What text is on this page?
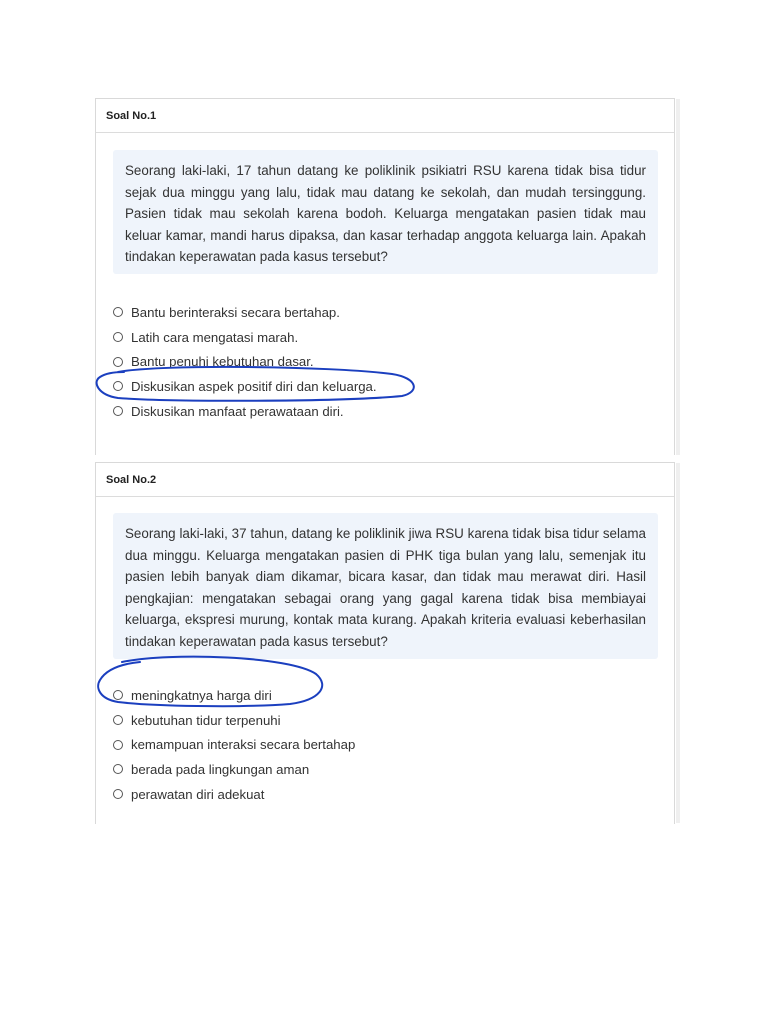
Soal No.1
Seorang laki-laki, 17 tahun datang ke poliklinik psikiatri RSU karena tidak bisa tidur sejak dua minggu yang lalu, tidak mau datang ke sekolah, dan mudah tersinggung. Pasien tidak mau sekolah karena bodoh. Keluarga mengatakan pasien tidak mau keluar kamar, mandi harus dipaksa, dan kasar terhadap anggota keluarga lain. Apakah tindakan keperawatan pada kasus tersebut?
Bantu berinteraksi secara bertahap.
Latih cara mengatasi marah.
Bantu penuhi kebutuhan dasar.
Diskusikan aspek positif diri dan keluarga.
Diskusikan manfaat perawataan diri.
Soal No.2
Seorang laki-laki, 37 tahun, datang ke poliklinik jiwa RSU karena tidak bisa tidur selama dua minggu. Keluarga mengatakan pasien di PHK tiga bulan yang lalu, semenjak itu pasien lebih banyak diam dikamar, bicara kasar, dan tidak mau merawat diri. Hasil pengkajian: mengatakan sebagai orang yang gagal karena tidak bisa membiayai keluarga, ekspresi murung, kontak mata kurang. Apakah kriteria evaluasi keberhasilan tindakan keperawatan pada kasus tersebut?
meningkatnya harga diri
kebutuhan tidur terpenuhi
kemampuan interaksi secara bertahap
berada pada lingkungan aman
perawatan diri adekuat
